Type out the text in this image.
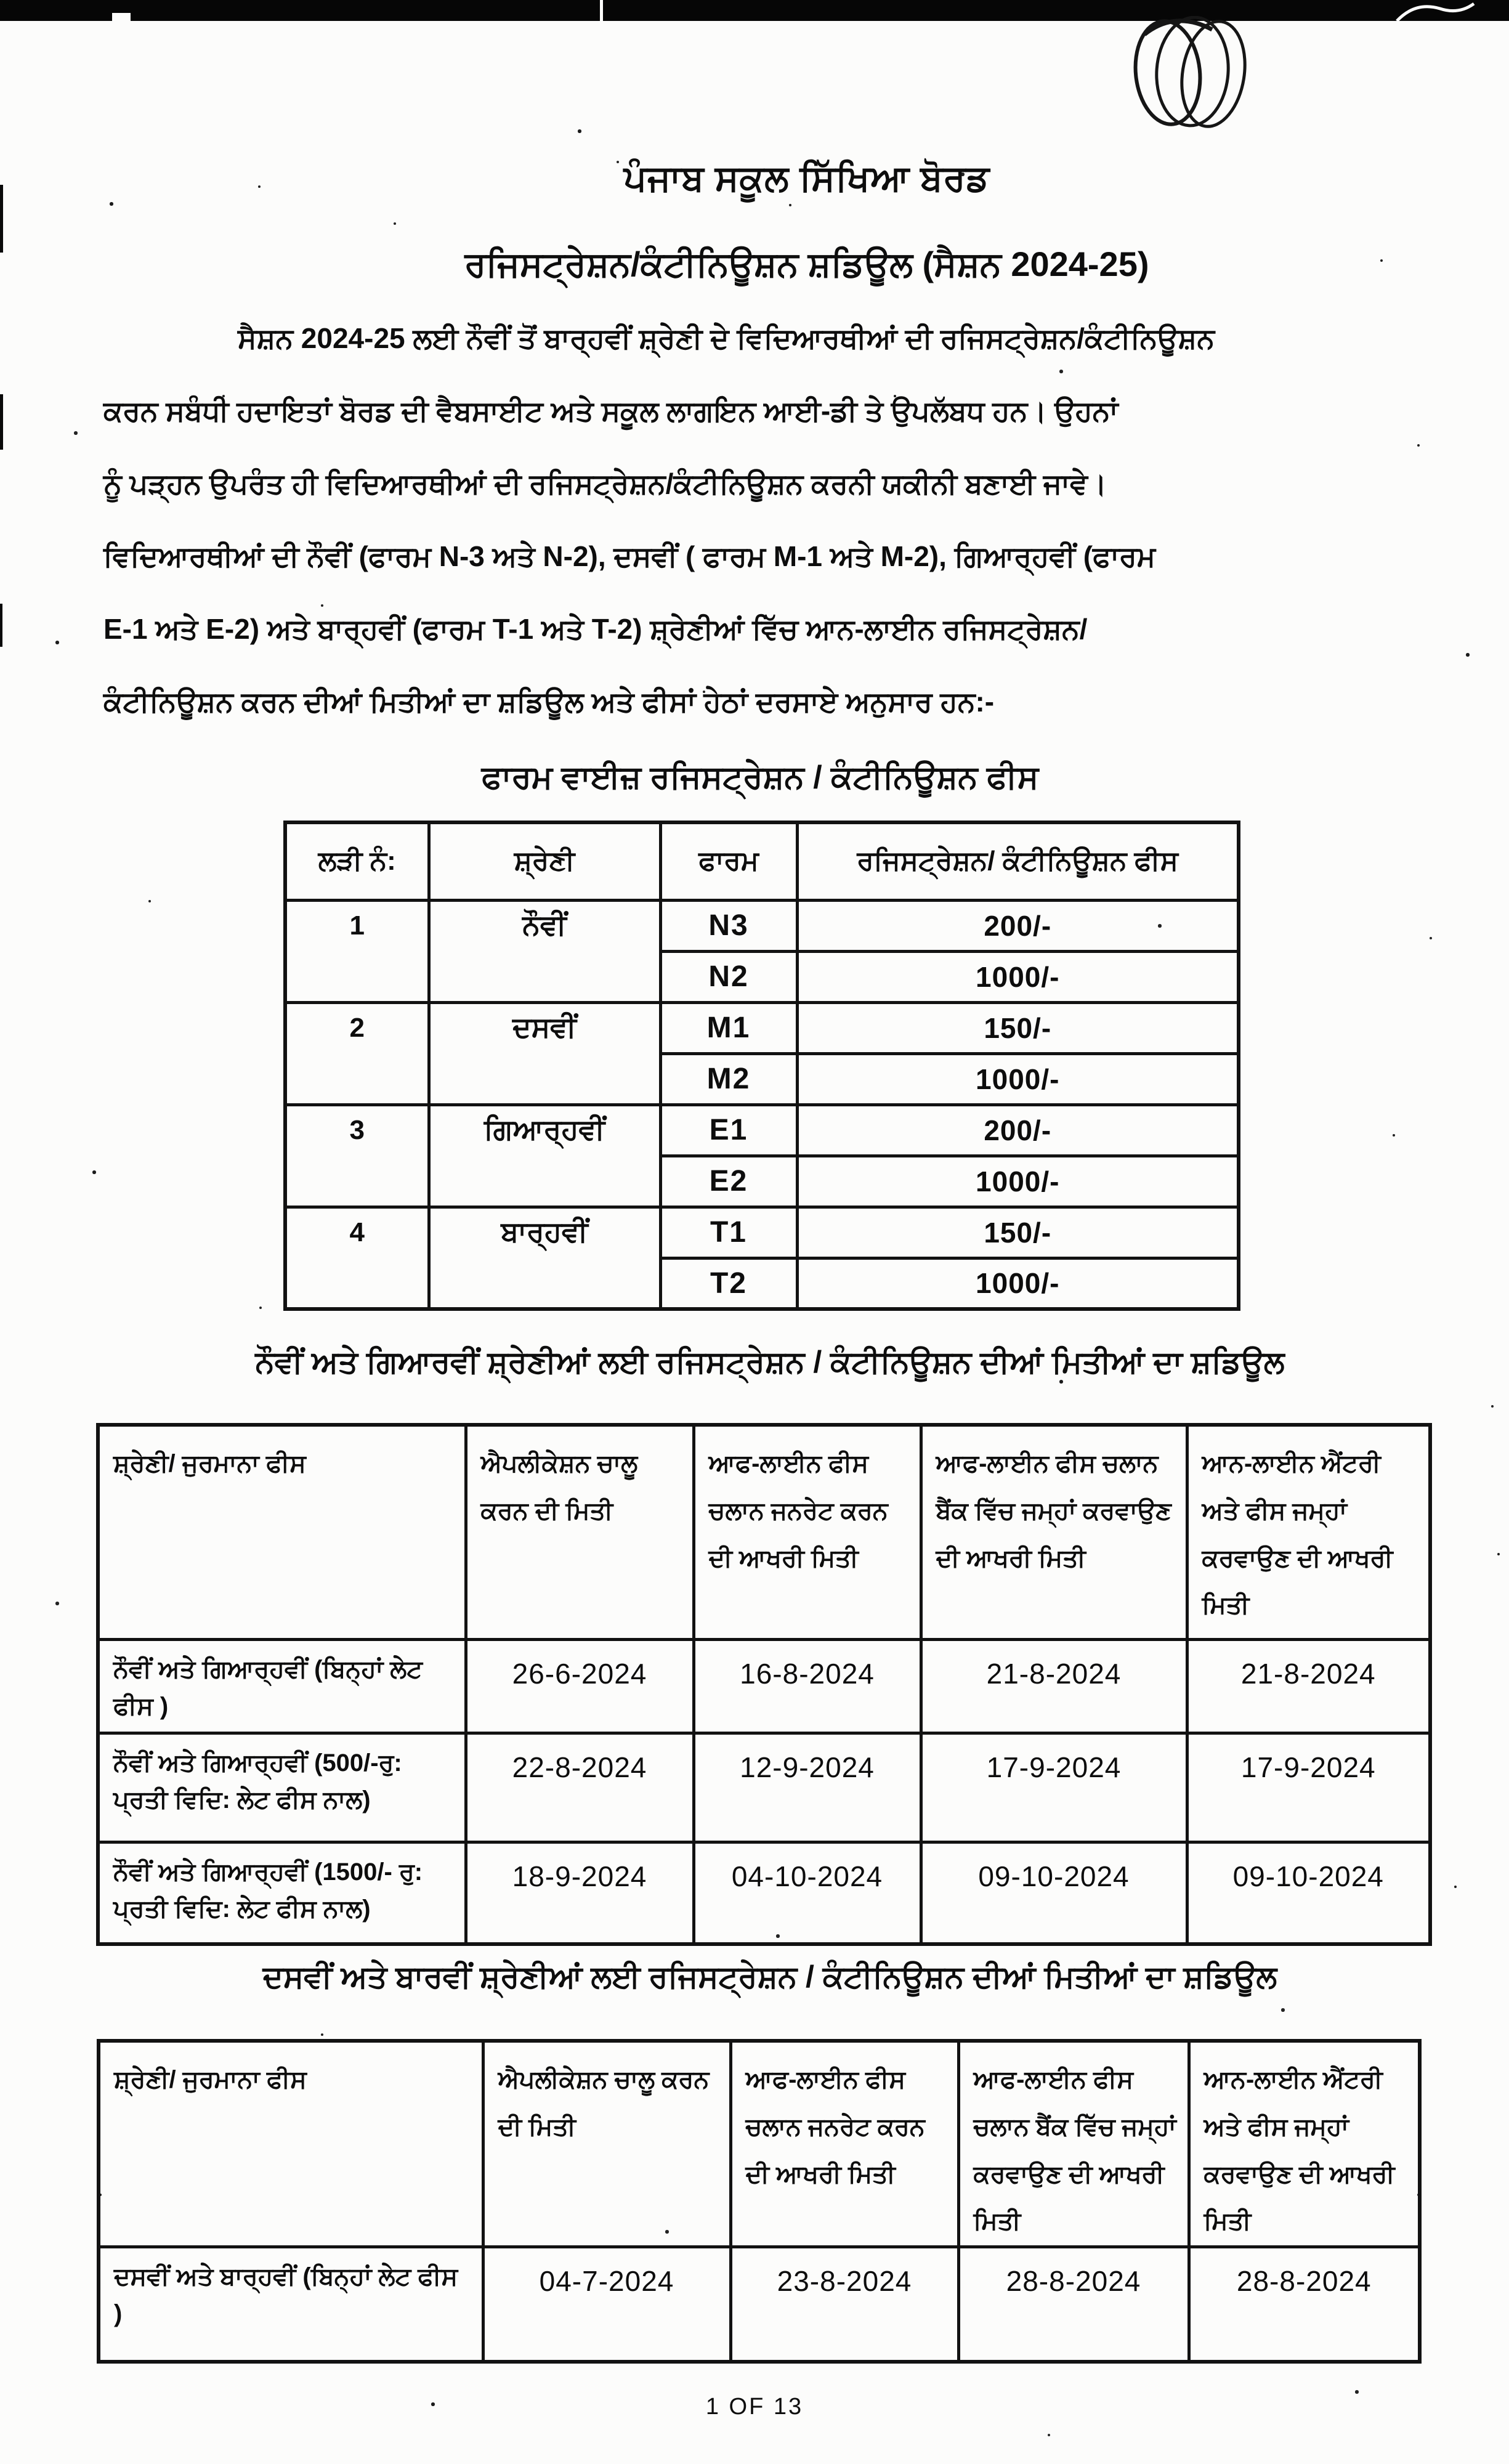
ਪੰਜਾਬ ਸਕੂਲ ਸਿੱਖਿਆ ਬੋਰਡ
ਰਜਿਸਟ੍ਰੇਸ਼ਨ/ਕੰਟੀਨਿਊਸ਼ਨ ਸ਼ਡਿਊਲ (ਸੈਸ਼ਨ 2024-25)
ਸੈਸ਼ਨ 2024-25 ਲਈ ਨੌਵੀਂ ਤੋਂ ਬਾਰ੍ਹਵੀਂ ਸ਼੍ਰੇਣੀ ਦੇ ਵਿਦਿਆਰਥੀਆਂ ਦੀ ਰਜਿਸਟ੍ਰੇਸ਼ਨ/ਕੰਟੀਨਿਊਸ਼ਨ
ਕਰਨ ਸਬੰਧੀ ਹਦਾਇਤਾਂ ਬੋਰਡ ਦੀ ਵੈਬਸਾਈਟ ਅਤੇ ਸਕੂਲ ਲਾਗਇਨ ਆਈ-ਡੀ ਤੇ ਉਪਲੱਬਧ ਹਨ। ਉਹਨਾਂ
ਨੂੰ ਪੜ੍ਹਨ ਉਪਰੰਤ ਹੀ ਵਿਦਿਆਰਥੀਆਂ ਦੀ ਰਜਿਸਟ੍ਰੇਸ਼ਨ/ਕੰਟੀਨਿਊਸ਼ਨ ਕਰਨੀ ਯਕੀਨੀ ਬਣਾਈ ਜਾਵੇ।
ਵਿਦਿਆਰਥੀਆਂ ਦੀ ਨੌਵੀਂ (ਫਾਰਮ N-3 ਅਤੇ N-2), ਦਸਵੀਂ ( ਫਾਰਮ M-1 ਅਤੇ M-2), ਗਿਆਰ੍ਹਵੀਂ (ਫਾਰਮ
E-1 ਅਤੇ E-2) ਅਤੇ ਬਾਰ੍ਹਵੀਂ (ਫਾਰਮ T-1 ਅਤੇ T-2) ਸ਼੍ਰੇਣੀਆਂ ਵਿੱਚ ਆਨ-ਲਾਈਨ ਰਜਿਸਟ੍ਰੇਸ਼ਨ/
ਕੰਟੀਨਿਊਸ਼ਨ ਕਰਨ ਦੀਆਂ ਮਿਤੀਆਂ ਦਾ ਸ਼ਡਿਊਲ ਅਤੇ ਫੀਸਾਂ ਹੇਠਾਂ ਦਰਸਾਏ ਅਨੁਸਾਰ ਹਨ:-
ਫਾਰਮ ਵਾਈਜ਼ ਰਜਿਸਟ੍ਰੇਸ਼ਨ / ਕੰਟੀਨਿਊਸ਼ਨ ਫੀਸ
ਲੜੀ ਨੰ:	ਸ਼੍ਰੇਣੀ	ਫਾਰਮ	ਰਜਿਸਟ੍ਰੇਸ਼ਨ/ ਕੰਟੀਨਿਊਸ਼ਨ ਫੀਸ
1	ਨੌਵੀਂ	N3	200/-
		N2	1000/-
2	ਦਸਵੀਂ	M1	150/-
		M2	1000/-
3	ਗਿਆਰ੍ਹਵੀਂ	E1	200/-
		E2	1000/-
4	ਬਾਰ੍ਹਵੀਂ	T1	150/-
		T2	1000/-
ਨੌਵੀਂ ਅਤੇ ਗਿਆਰਵੀਂ ਸ਼੍ਰੇਣੀਆਂ ਲਈ ਰਜਿਸਟ੍ਰੇਸ਼ਨ / ਕੰਟੀਨਿਊਸ਼ਨ ਦੀਆਂ ਮਿਤੀਆਂ ਦਾ ਸ਼ਡਿਊਲ
ਸ਼੍ਰੇਣੀ/ ਜੁਰਮਾਨਾ ਫੀਸ	ਐਪਲੀਕੇਸ਼ਨ ਚਾਲੂ ਕਰਨ ਦੀ ਮਿਤੀ	ਆਫ-ਲਾਈਨ ਫੀਸ ਚਲਾਨ ਜਨਰੇਟ ਕਰਨ ਦੀ ਆਖਰੀ ਮਿਤੀ	ਆਫ-ਲਾਈਨ ਫੀਸ ਚਲਾਨ ਬੈਂਕ ਵਿੱਚ ਜਮ੍ਹਾਂ ਕਰਵਾਉਣ ਦੀ ਆਖਰੀ ਮਿਤੀ	ਆਨ-ਲਾਈਨ ਐਂਟਰੀ ਅਤੇ ਫੀਸ ਜਮ੍ਹਾਂ ਕਰਵਾਉਣ ਦੀ ਆਖਰੀ ਮਿਤੀ
ਨੌਵੀਂ ਅਤੇ ਗਿਆਰ੍ਹਵੀਂ (ਬਿਨ੍ਹਾਂ ਲੇਟ ਫੀਸ )	26-6-2024	16-8-2024	21-8-2024	21-8-2024
ਨੌਵੀਂ ਅਤੇ ਗਿਆਰ੍ਹਵੀਂ (500/-ਰੁ: ਪ੍ਰਤੀ ਵਿਦਿ: ਲੇਟ ਫੀਸ ਨਾਲ)	22-8-2024	12-9-2024	17-9-2024	17-9-2024
ਨੌਵੀਂ ਅਤੇ ਗਿਆਰ੍ਹਵੀਂ (1500/- ਰੁ: ਪ੍ਰਤੀ ਵਿਦਿ: ਲੇਟ ਫੀਸ ਨਾਲ)	18-9-2024	04-10-2024	09-10-2024	09-10-2024
ਦਸਵੀਂ ਅਤੇ ਬਾਰਵੀਂ ਸ਼੍ਰੇਣੀਆਂ ਲਈ ਰਜਿਸਟ੍ਰੇਸ਼ਨ / ਕੰਟੀਨਿਊਸ਼ਨ ਦੀਆਂ ਮਿਤੀਆਂ ਦਾ ਸ਼ਡਿਊਲ
ਸ਼੍ਰੇਣੀ/ ਜੁਰਮਾਨਾ ਫੀਸ	ਐਪਲੀਕੇਸ਼ਨ ਚਾਲੂ ਕਰਨ ਦੀ ਮਿਤੀ	ਆਫ-ਲਾਈਨ ਫੀਸ ਚਲਾਨ ਜਨਰੇਟ ਕਰਨ ਦੀ ਆਖਰੀ ਮਿਤੀ	ਆਫ-ਲਾਈਨ ਫੀਸ ਚਲਾਨ ਬੈਂਕ ਵਿੱਚ ਜਮ੍ਹਾਂ ਕਰਵਾਉਣ ਦੀ ਆਖਰੀ ਮਿਤੀ	ਆਨ-ਲਾਈਨ ਐਂਟਰੀ ਅਤੇ ਫੀਸ ਜਮ੍ਹਾਂ ਕਰਵਾਉਣ ਦੀ ਆਖਰੀ ਮਿਤੀ
ਦਸਵੀਂ ਅਤੇ ਬਾਰ੍ਹਵੀਂ (ਬਿਨ੍ਹਾਂ ਲੇਟ ਫੀਸ )	04-7-2024	23-8-2024	28-8-2024	28-8-2024
1 OF 13
